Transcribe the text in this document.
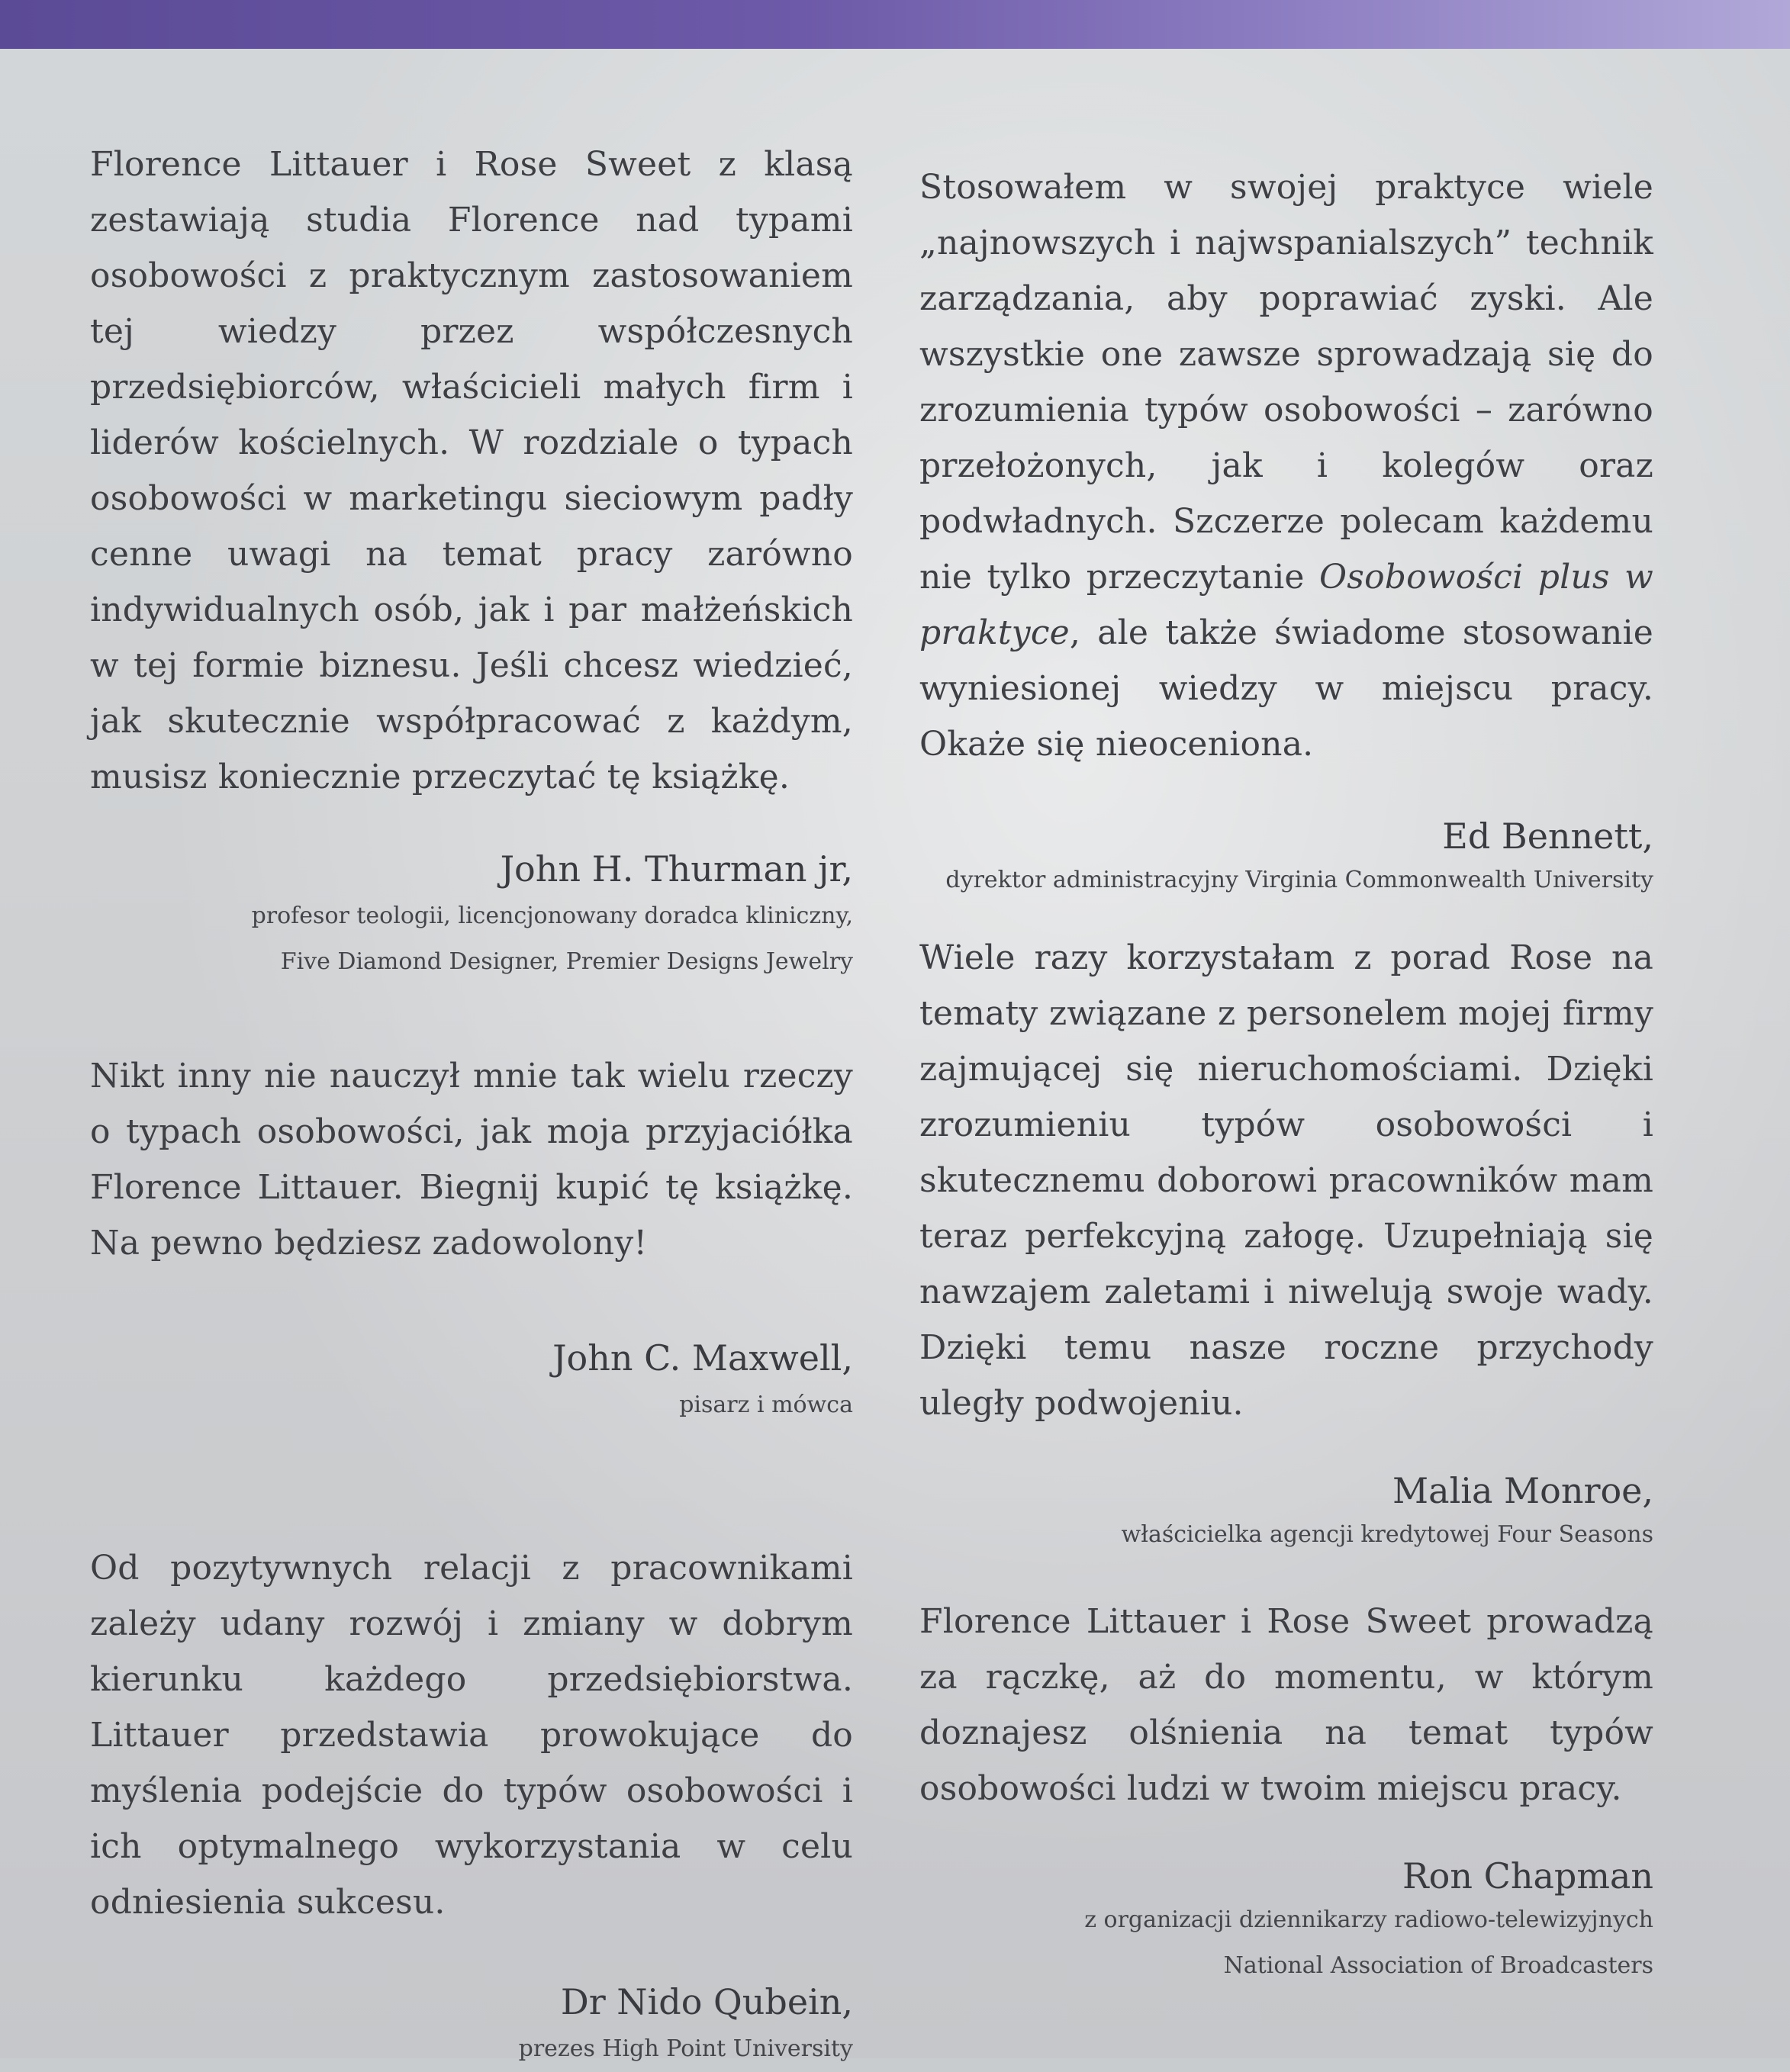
Florence Littauer i Rose Sweet z klasą zestawiają studia Florence nad typami osobowości z praktycznym zastosowaniem tej wiedzy przez współczesnych przedsiębiorców, właścicieli małych firm i liderów kościelnych. W rozdziale o typach osobowości w marketingu sieciowym padły cenne uwagi na temat pracy zarówno indywidualnych osób, jak i par małżeńskich w tej formie biznesu. Jeśli chcesz wiedzieć, jak skutecznie współpracować z każdym, musisz koniecznie przeczytać tę książkę.

John H. Thurman jr,

profesor teologii, licencjonowany doradca kliniczny,

Five Diamond Designer, Premier Designs Jewelry

Nikt inny nie nauczył mnie tak wielu rzeczy o typach osobowości, jak moja przyjaciółka Florence Littauer. Biegnij kupić tę książkę. Na pewno będziesz zadowolony!

John C. Maxwell,

pisarz i mówca

Od pozytywnych relacji z pracownikami zależy udany rozwój i zmiany w dobrym kierunku każdego przedsiębiorstwa. Littauer przedstawia prowokujące do myślenia podejście do typów osobowości i ich optymalnego wykorzystania w celu odniesienia sukcesu.

Dr Nido Qubein,

prezes High Point University

Stosowałem w swojej praktyce wiele „najnowszych i najwspanialszych” technik zarządzania, aby poprawiać zyski. Ale wszystkie one zawsze sprowadzają się do zrozumienia typów osobowości – zarówno przełożonych, jak i kolegów oraz podwładnych. Szczerze polecam każdemu nie tylko przeczytanie Osobowości plus w praktyce, ale także świadome stosowanie wyniesionej wiedzy w miejscu pracy. Okaże się nieoceniona.

Ed Bennett,

dyrektor administracyjny Virginia Commonwealth University

Wiele razy korzystałam z porad Rose na tematy związane z personelem mojej firmy zajmującej się nieruchomościami. Dzięki zrozumieniu typów osobowości i skutecznemu doborowi pracowników mam teraz perfekcyjną załogę. Uzupełniają się nawzajem zaletami i niwelują swoje wady. Dzięki temu nasze roczne przychody uległy podwojeniu.

Malia Monroe,

właścicielka agencji kredytowej Four Seasons

Florence Littauer i Rose Sweet prowadzą za rączkę, aż do momentu, w którym doznajesz olśnienia na temat typów osobowości ludzi w twoim miejscu pracy.

Ron Chapman

z organizacji dziennikarzy radiowo-telewizyjnych

National Association of Broadcasters
